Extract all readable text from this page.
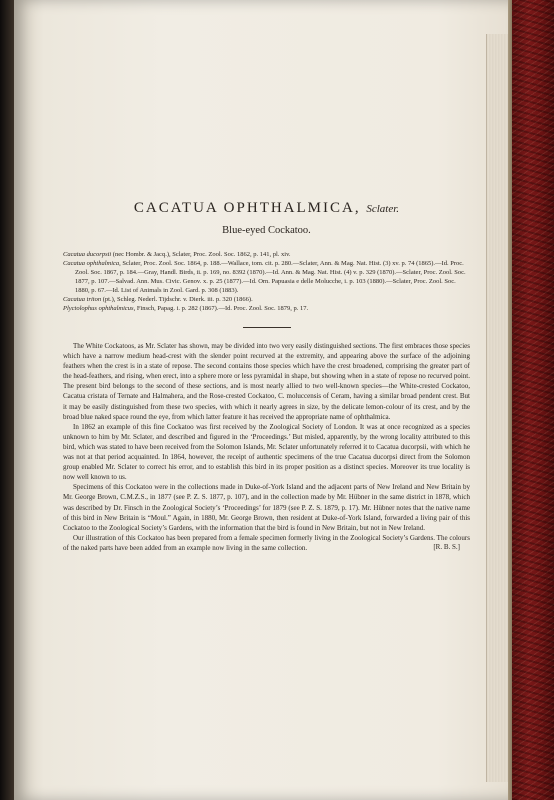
CACATUA OPHTHALMICA, Sclater.
Blue-eyed Cockatoo.
Cacatua ducorpsii (nec Hombr. & Jacq.), Sclater, Proc. Zool. Soc. 1862, p. 141, pl. xiv.
Cacatua ophthalmica, Sclater, Proc. Zool. Soc. 1864, p. 188.—Wallace, tom. cit. p. 280.—Sclater, Ann. & Mag. Nat. Hist. (3) xv. p. 74 (1865).—Id. Proc. Zool. Soc. 1867, p. 184.—Gray, Handl. Birds, ii. p. 169, no. 8392 (1870).—Id. Ann. & Mag. Nat. Hist. (4) v. p. 329 (1870).—Sclater, Proc. Zool. Soc. 1877, p. 107.—Salvad. Ann. Mus. Civic. Genov. x. p. 25 (1877).—Id. Orn. Papuasia e delle Molucche, i. p. 103 (1880).—Sclater, Proc. Zool. Soc. 1880, p. 67.—Id. List of Animals in Zool. Gard. p. 308 (1883).
Cacatua triton (pt.), Schleg. Nederl. Tijdschr. v. Dierk. iii. p. 320 (1866).
Plyctolophus ophthalmicus, Finsch, Papag. i. p. 282 (1867).—Id. Proc. Zool. Soc. 1879, p. 17.

The White Cockatoos, as Mr. Sclater has shown, may be divided into two very easily distinguished sections. The first embraces those species which have a narrow medium head-crest with the slender point recurved at the extremity, and appearing above the surface of the adjoining feathers when the crest is in a state of repose. The second contains those species which have the crest broadened, comprising the greater part of the head-feathers, and rising, when erect, into a sphere more or less pyramidal in shape, but showing when in a state of repose no recurved point. The present bird belongs to the second of these sections, and is most nearly allied to two well-known species—the White-crested Cockatoo, Cacatua cristata of Ternate and Halmahera, and the Rose-crested Cockatoo, C. moluccensis of Ceram, having a similar broad pendent crest. But it may be easily distinguished from these two species, with which it nearly agrees in size, by the delicate lemon-colour of its crest, and by the broad blue naked space round the eye, from which latter feature it has received the appropriate name of ophthalmica.

In 1862 an example of this fine Cockatoo was first received by the Zoological Society of London. It was at once recognized as a species unknown to him by Mr. Sclater, and described and figured in the ‘Proceedings.’ But misled, apparently, by the wrong locality attributed to this bird, which was stated to have been received from the Solomon Islands, Mr. Sclater unfortunately referred it to Cacatua ducorpsii, with which he was not at that period acquainted. In 1864, however, the receipt of authentic specimens of the true Cacatua ducorpsi direct from the Solomon group enabled Mr. Sclater to correct his error, and to establish this bird in its proper position as a distinct species. Moreover its true locality is now well known to us.

Specimens of this Cockatoo were in the collections made in Duke-of-York Island and the adjacent parts of New Ireland and New Britain by Mr. George Brown, C.M.Z.S., in 1877 (see P. Z. S. 1877, p. 107), and in the collection made by Mr. Hübner in the same district in 1878, which was described by Dr. Finsch in the Zoological Society’s ‘Proceedings’ for 1879 (see P. Z. S. 1879, p. 17). Mr. Hübner notes that the native name of this bird in New Britain is “Moul.” Again, in 1880, Mr. George Brown, then resident at Duke-of-York Island, forwarded a living pair of this Cockatoo to the Zoological Society’s Gardens, with the information that the bird is found in New Britain, but not in New Ireland.

Our illustration of this Cockatoo has been prepared from a female specimen formerly living in the Zoological Society’s Gardens. The colours of the naked parts have been added from an example now living in the same collection.	[R. B. S.]
